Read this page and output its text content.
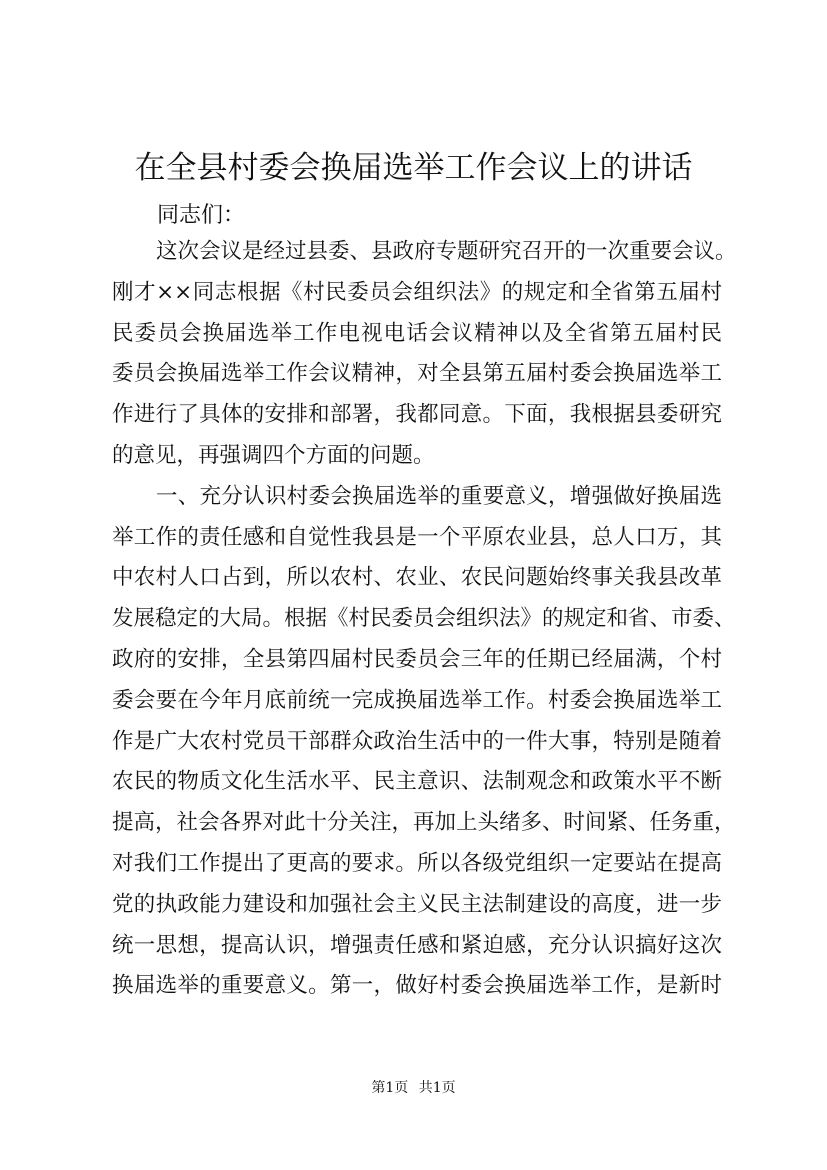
在全县村委会换届选举工作会议上的讲话

同志们：

这次会议是经过县委、县政府专题研究召开的一次重要会议。
刚才××同志根据《村民委员会组织法》的规定和全省第五届村
民委员会换届选举工作电视电话会议精神以及全省第五届村民
委员会换届选举工作会议精神，对全县第五届村委会换届选举工
作进行了具体的安排和部署，我都同意。下面，我根据县委研究
的意见，再强调四个方面的问题。
一、充分认识村委会换届选举的重要意义，增强做好换届选
举工作的责任感和自觉性我县是一个平原农业县，总人口万，其
中农村人口占到，所以农村、农业、农民问题始终事关我县改革
发展稳定的大局。根据《村民委员会组织法》的规定和省、市委、
政府的安排，全县第四届村民委员会三年的任期已经届满，个村
委会要在今年月底前统一完成换届选举工作。村委会换届选举工
作是广大农村党员干部群众政治生活中的一件大事，特别是随着
农民的物质文化生活水平、民主意识、法制观念和政策水平不断
提高，社会各界对此十分关注，再加上头绪多、时间紧、任务重，
对我们工作提出了更高的要求。所以各级党组织一定要站在提高
党的执政能力建设和加强社会主义民主法制建设的高度，进一步
统一思想，提高认识，增强责任感和紧迫感，充分认识搞好这次
换届选举的重要意义。第一，做好村委会换届选举工作，是新时
第1页 共1页
